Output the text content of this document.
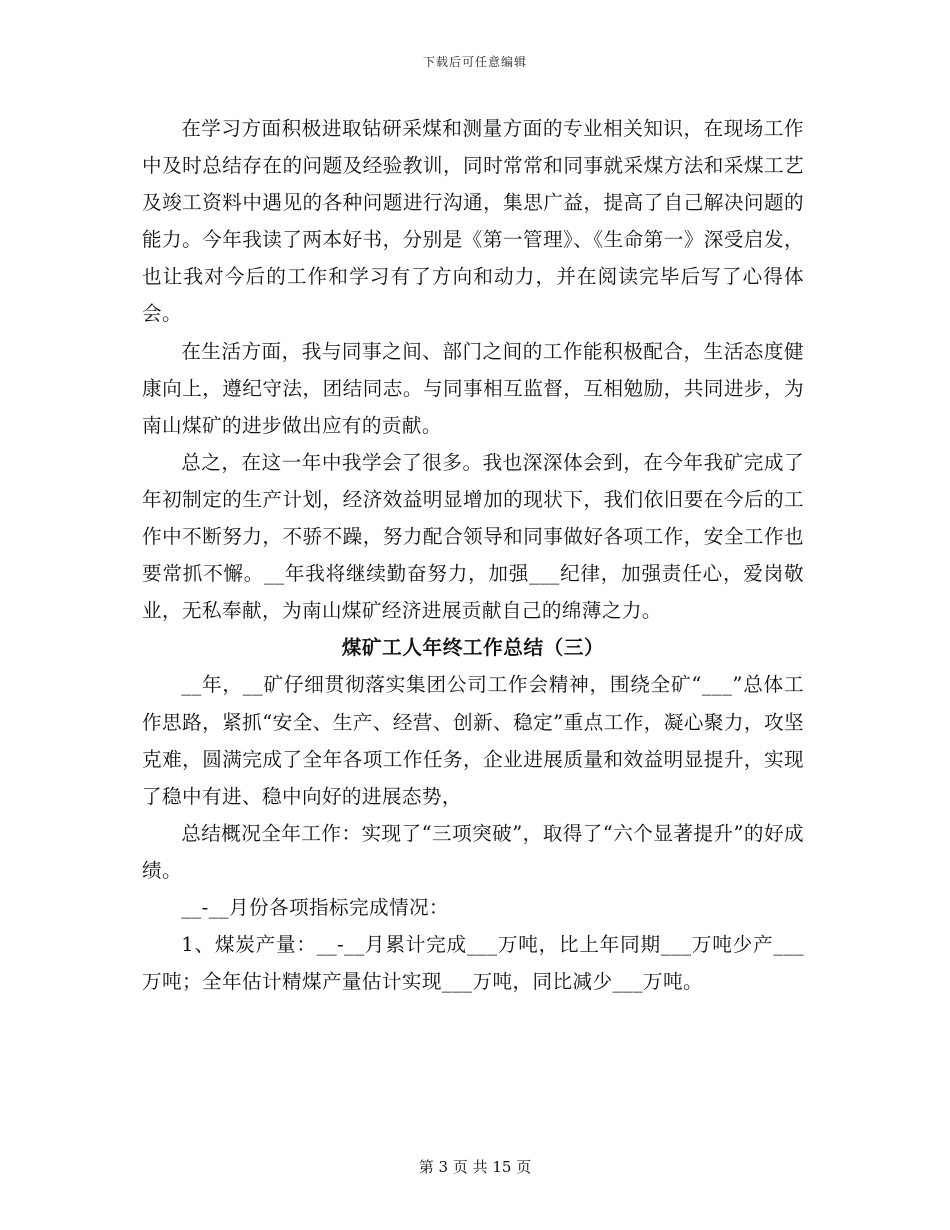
下载后可任意编辑

在学习方面积极进取钻研采煤和测量方面的专业相关知识，在现场工作中及时总结存在的问题及经验教训，同时常常和同事就采煤方法和采煤工艺及竣工资料中遇见的各种问题进行沟通，集思广益，提高了自己解决问题的能力。今年我读了两本好书，分别是《第一管理》、《生命第一》深受启发，也让我对今后的工作和学习有了方向和动力，并在阅读完毕后写了心得体会。

在生活方面，我与同事之间、部门之间的工作能积极配合，生活态度健康向上，遵纪守法，团结同志。与同事相互监督，互相勉励，共同进步，为南山煤矿的进步做出应有的贡献。

总之，在这一年中我学会了很多。我也深深体会到，在今年我矿完成了年初制定的生产计划，经济效益明显增加的现状下，我们依旧要在今后的工作中不断努力，不骄不躁，努力配合领导和同事做好各项工作，安全工作也要常抓不懈。__年我将继续勤奋努力，加强___纪律，加强责任心，爱岗敬业，无私奉献，为南山煤矿经济进展贡献自己的绵薄之力。

煤矿工人年终工作总结（三）

__年，__矿仔细贯彻落实集团公司工作会精神，围绕全矿“___”总体工作思路，紧抓“安全、生产、经营、创新、稳定”重点工作，凝心聚力，攻坚克难，圆满完成了全年各项工作任务，企业进展质量和效益明显提升，实现了稳中有进、稳中向好的进展态势，

总结概况全年工作：实现了“三项突破”，取得了“六个显著提升”的好成绩。

__-__月份各项指标完成情况：

1、煤炭产量：__-__月累计完成___万吨，比上年同期___万吨少产___万吨；全年估计精煤产量估计实现___万吨，同比减少___万吨。

第 3 页 共 15 页
